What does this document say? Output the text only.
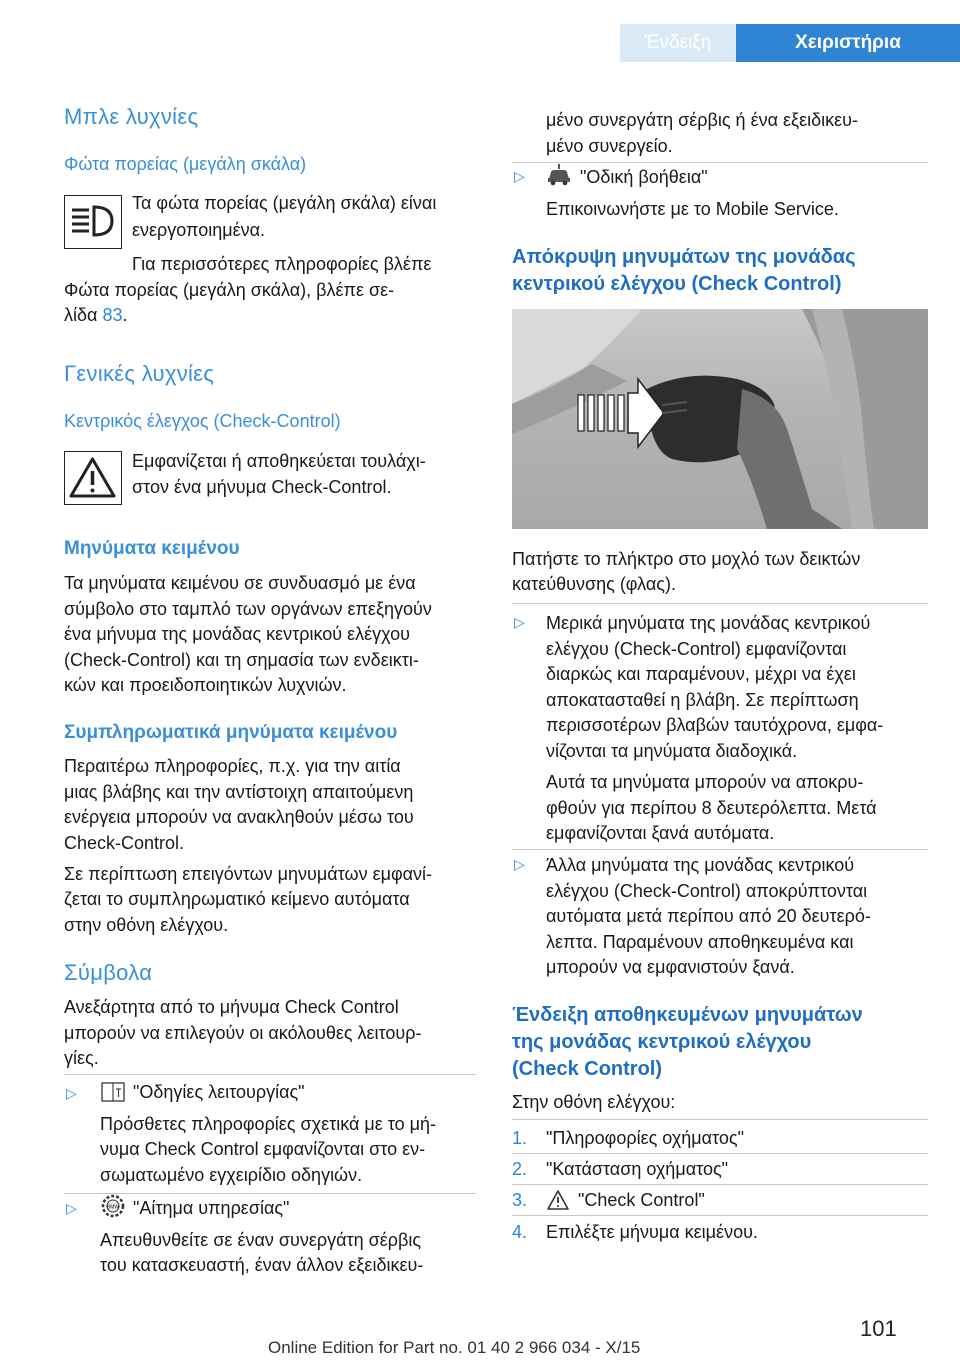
Ένδειξη	Χειριστήρια
Μπλε λυχνίες
Φώτα πορείας (μεγάλη σκάλα)
Τα φώτα πορείας (μεγάλη σκάλα) είναι
ενεργοποιημένα.
Για περισσότερες πληροφορίες βλέπε
Φώτα πορείας (μεγάλη σκάλα), βλέπε σε-
λίδα 83.
Γενικές λυχνίες
Κεντρικός έλεγχος (Check-Control)
Εμφανίζεται ή αποθηκεύεται τουλάχι-
στον ένα μήνυμα Check-Control.
Μηνύματα κειμένου
Τα μηνύματα κειμένου σε συνδυασμό με ένα
σύμβολο στο ταμπλό των οργάνων επεξηγούν
ένα μήνυμα της μονάδας κεντρικού ελέγχου
(Check-Control) και τη σημασία των ενδεικτι-
κών και προειδοποιητικών λυχνιών.
Συμπληρωματικά μηνύματα κειμένου
Περαιτέρω πληροφορίες, π.χ. για την αιτία
μιας βλάβης και την αντίστοιχη απαιτούμενη
ενέργεια μπορούν να ανακληθούν μέσω του
Check-Control.
Σε περίπτωση επειγόντων μηνυμάτων εμφανί-
ζεται το συμπληρωματικό κείμενο αυτόματα
στην οθόνη ελέγχου.
Σύμβολα
Ανεξάρτητα από το μήνυμα Check Control
μπορούν να επιλεγούν οι ακόλουθες λειτουρ-
γίες.
▷	"Οδηγίες λειτουργίας"
Πρόσθετες πληροφορίες σχετικά με το μή-
νυμα Check Control εμφανίζονται στο εν-
σωματωμένο εγχειρίδιο οδηγιών.
▷	BMW "Αίτημα υπηρεσίας"
Απευθυνθείτε σε έναν συνεργάτη σέρβις
του κατασκευαστή, έναν άλλον εξειδικευ-
μένο συνεργάτη σέρβις ή ένα εξειδικευ-
μένο συνεργείο.
▷	"Οδική βοήθεια"
Επικοινωνήστε με το Mobile Service.
Απόκρυψη μηνυμάτων της μονάδας
κεντρικού ελέγχου (Check Control)
Πατήστε το πλήκτρο στο μοχλό των δεικτών
κατεύθυνσης (φλας).
▷ Μερικά μηνύματα της μονάδας κεντρικού
ελέγχου (Check-Control) εμφανίζονται
διαρκώς και παραμένουν, μέχρι να έχει
αποκατασταθεί η βλάβη. Σε περίπτωση
περισσοτέρων βλαβών ταυτόχρονα, εμφα-
νίζονται τα μηνύματα διαδοχικά.
Αυτά τα μηνύματα μπορούν να αποκρυ-
φθούν για περίπου 8 δευτερόλεπτα. Μετά
εμφανίζονται ξανά αυτόματα.
▷ Άλλα μηνύματα της μονάδας κεντρικού
ελέγχου (Check-Control) αποκρύπτονται
αυτόματα μετά περίπου από 20 δευτερό-
λεπτα. Παραμένουν αποθηκευμένα και
μπορούν να εμφανιστούν ξανά.
Ένδειξη αποθηκευμένων μηνυμάτων
της μονάδας κεντρικού ελέγχου
(Check Control)
Στην οθόνη ελέγχου:
1. "Πληροφορίες οχήματος"
2. "Κατάσταση οχήματος"
3.	"Check Control"
4. Επιλέξτε μήνυμα κειμένου.
101
Online Edition for Part no. 01 40 2 966 034 - X/15
